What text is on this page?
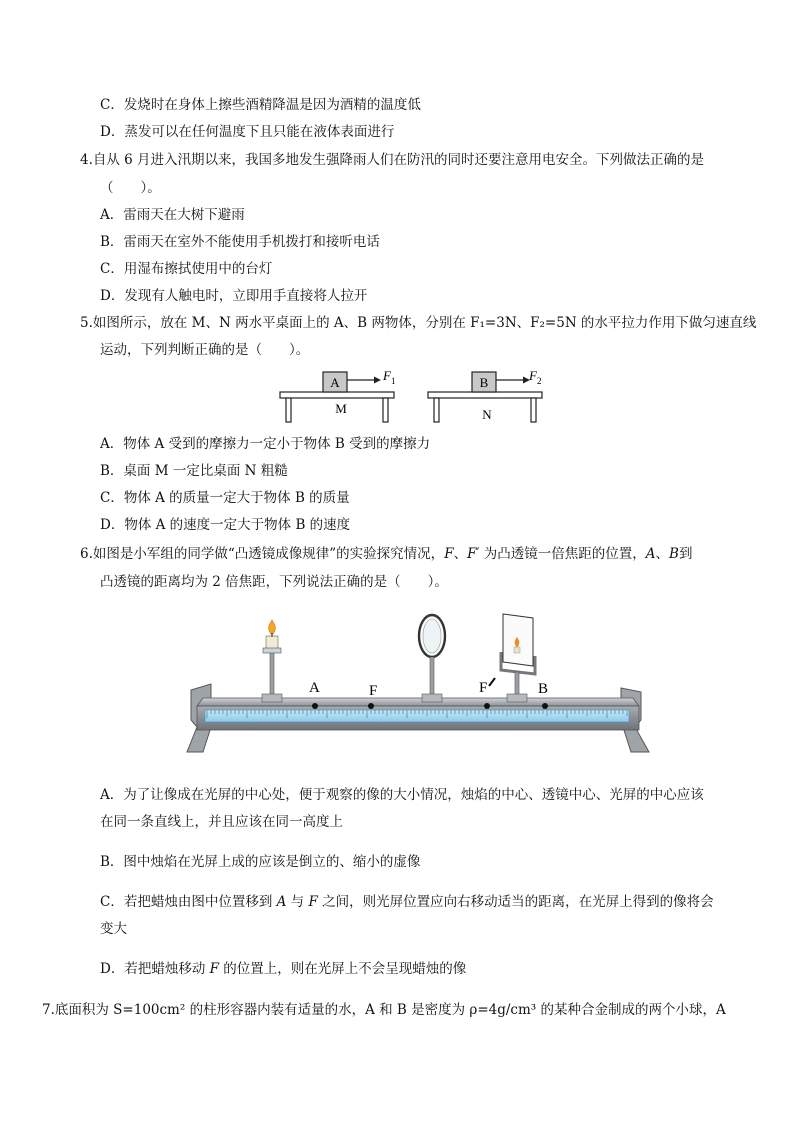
C．发烧时在身体上擦些酒精降温是因为酒精的温度低
D．蒸发可以在任何温度下且只能在液体表面进行
4.自从 6 月进入汛期以来，我国多地发生强降雨人们在防汛的同时还要注意用电安全。下列做法正确的是
（　　）。
A．雷雨天在大树下避雨
B．雷雨天在室外不能使用手机拨打和接听电话
C．用湿布擦拭使用中的台灯
D．发现有人触电时，立即用手直接将人拉开
5.如图所示，放在 M、N 两水平桌面上的 A、B 两物体，分别在 F₁=3N、F₂=5N 的水平拉力作用下做匀速直线
运动，下列判断正确的是（　　）。
A	$F_1$
M
B	$F_2$
N
A．物体 A 受到的摩擦力一定小于物体 B 受到的摩擦力
B．桌面 M 一定比桌面 N 粗糙
C．物体 A 的质量一定大于物体 B 的质量
D．物体 A 的速度一定大于物体 B 的速度
6.如图是小军组的同学做“凸透镜成像规律”的实验探究情况，F、F′ 为凸透镜一倍焦距的位置，A、B到
凸透镜的距离均为 2 倍焦距，下列说法正确的是（　　）。
A	F	F	B
A．为了让像成在光屏的中心处，便于观察的像的大小情况，烛焰的中心、透镜中心、光屏的中心应该
在同一条直线上，并且应该在同一高度上
B．图中烛焰在光屏上成的应该是倒立的、缩小的虚像
C．若把蜡烛由图中位置移到 A 与 F 之间，则光屏位置应向右移动适当的距离，在光屏上得到的像将会
变大
D．若把蜡烛移动 F 的位置上，则在光屏上不会呈现蜡烛的像
7.底面积为 S=100cm² 的柱形容器内装有适量的水，A 和 B 是密度为 ρ=4g/cm³ 的某种合金制成的两个小球，A
